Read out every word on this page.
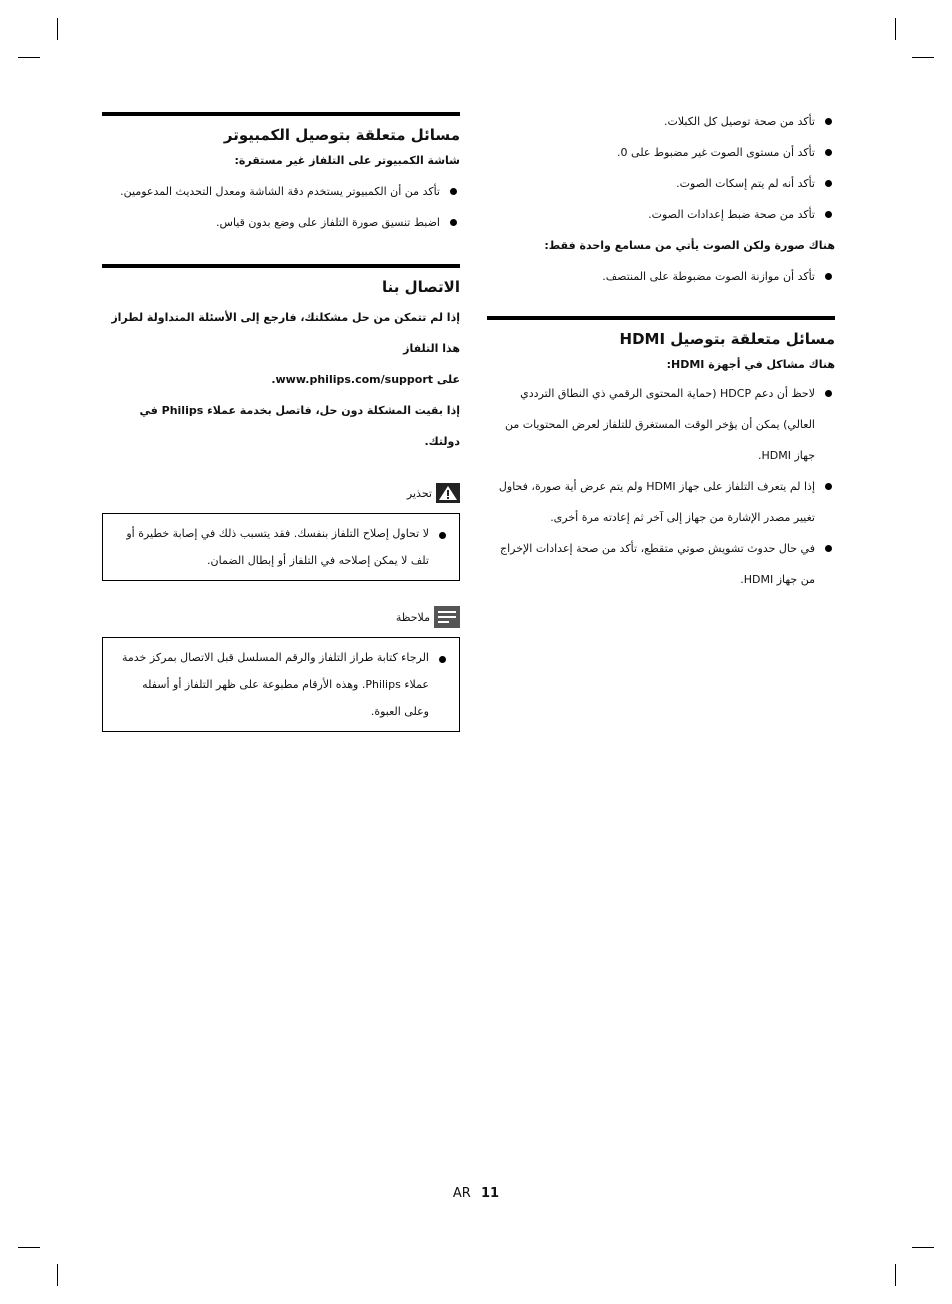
تأكد من صحة توصيل كل الكبلات.
تأكد أن مستوى الصوت غير مضبوط على 0.
تأكد أنه لم يتم إسكات الصوت.
تأكد من صحة ضبط إعدادات الصوت.
هناك صورة ولكن الصوت يأتي من مسامع واحدة فقط:
تأكد أن موازنة الصوت مضبوطة على المنتصف.
مسائل متعلقة بتوصيل HDMI
هناك مشاكل في أجهزة HDMI:
لاحظ أن دعم HDCP (حماية المحتوى الرقمي ذي النطاق الترددي العالي) يمكن أن يؤخر الوقت المستغرق للتلفاز لعرض المحتويات من جهاز HDMI.
إذا لم يتعرف التلفاز على جهاز HDMI ولم يتم عرض أية صورة، فحاول تغيير مصدر الإشارة من جهاز إلى آخر ثم إعادته مرة أخرى.
في حال حدوث تشويش صوتي متقطع، تأكد من صحة إعدادات الإخراج من جهاز HDMI.
مسائل متعلقة بتوصيل الكمبيوتر
شاشة الكمبيوتر على التلفاز غير مستقرة:
تأكد من أن الكمبيوتر يستخدم دقة الشاشة ومعدل التحديث المدعومين.
اضبط تنسيق صورة التلفاز على وضع بدون قياس.
الاتصال بنا
إذا لم تتمكن من حل مشكلتك، فارجع إلى الأسئلة المتداولة لطراز هذا التلفاز
على www.philips.com/support.
إذا بقيت المشكلة دون حل، فاتصل بخدمة عملاء Philips في دولتك.
تحذير
لا تحاول إصلاح التلفاز بنفسك. فقد يتسبب ذلك في إصابة خطيرة أو تلف لا يمكن إصلاحه في التلفاز أو إبطال الضمان.
ملاحظة
الرجاء كتابة طراز التلفاز والرقم المسلسل قبل الاتصال بمركز خدمة عملاء Philips. وهذه الأرقام مطبوعة على ظهر التلفاز أو أسفله وعلى العبوة.
AR 11
